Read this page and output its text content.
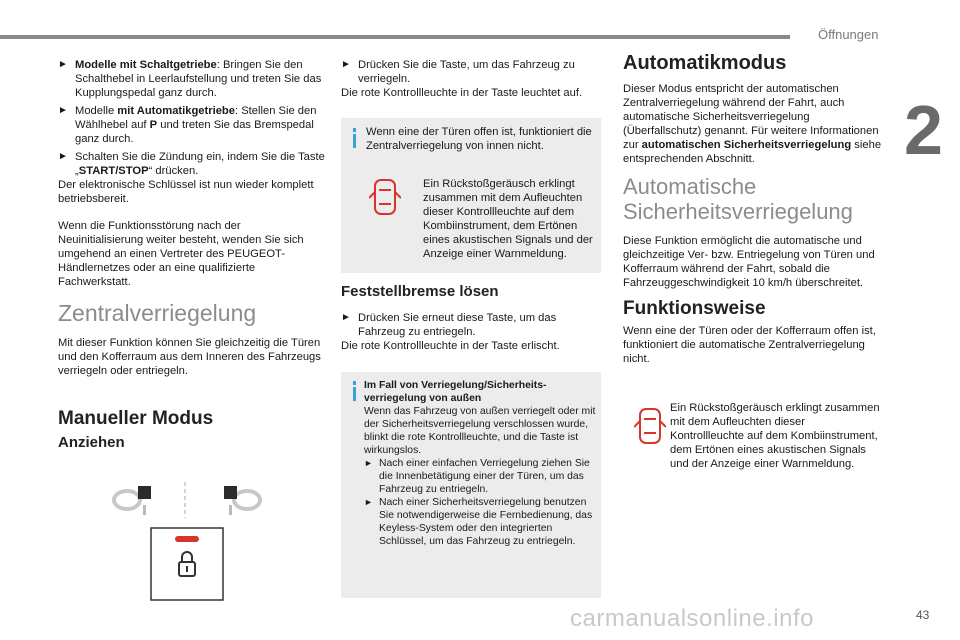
Öffnungen
2
► Modelle mit Schaltgetriebe: Bringen Sie den Schalthebel in Leerlaufstellung und treten Sie das Kupplungspedal ganz durch.
► Modelle mit Automatikgetriebe: Stellen Sie den Wählhebel auf P und treten Sie das Bremspedal ganz durch.
► Schalten Sie die Zündung ein, indem Sie die Taste „START/STOP“ drücken.

Der elektronische Schlüssel ist nun wieder komplett betriebsbereit.

Wenn die Funktionsstörung nach der Neuinitialisierung weiter besteht, wenden Sie sich umgehend an einen Vertreter des PEUGEOT-Händlernetzes oder an eine qualifizierte Fachwerkstatt.

Zentralverriegelung

Mit dieser Funktion können Sie gleichzeitig die Türen und den Kofferraum aus dem Inneren des Fahrzeugs verriegeln oder entriegeln.

Manueller Modus
Anziehen
► Drücken Sie die Taste, um das Fahrzeug zu verriegeln.

Die rote Kontrollleuchte in der Taste leuchtet auf.

Wenn eine der Türen offen ist, funktioniert die Zentralverriegelung von innen nicht.
Ein Rückstoßgeräusch erklingt zusammen mit dem Aufleuchten dieser Kontrollleuchte auf dem Kombiinstrument, dem Ertönen eines akustischen Signals und der Anzeige einer Warnmeldung.
Feststellbremse lösen
► Drücken Sie erneut diese Taste, um das Fahrzeug zu entriegeln.

Die rote Kontrollleuchte in der Taste erlischt.

Im Fall von Verriegelung/Sicherheitsverriegelung von außen
Wenn das Fahrzeug von außen verriegelt oder mit der Sicherheitsverriegelung verschlossen wurde, blinkt die rote Kontrollleuchte, und die Taste ist wirkungslos.
► Nach einer einfachen Verriegelung ziehen Sie die Innenbetätigung einer der Türen, um das Fahrzeug zu entriegeln.
► Nach einer Sicherheitsverriegelung benutzen Sie notwendigerweise die Fernbedienung, das Keyless-System oder den integrierten Schlüssel, um das Fahrzeug zu entriegeln.
Automatikmodus

Dieser Modus entspricht der automatischen Zentralverriegelung während der Fahrt, auch automatische Sicherheitsverriegelung (Überfallschutz) genannt. Für weitere Informationen zur automatischen Sicherheitsverriegelung siehe entsprechenden Abschnitt.

Automatische Sicherheitsverriegelung

Diese Funktion ermöglicht die automatische und gleichzeitige Ver- bzw. Entriegelung von Türen und Kofferraum während der Fahrt, sobald die Fahrzeuggeschwindigkeit 10 km/h überschreitet.

Funktionsweise

Wenn eine der Türen oder der Kofferraum offen ist, funktioniert die automatische Zentralverriegelung nicht.

Ein Rückstoßgeräusch erklingt zusammen mit dem Aufleuchten dieser Kontrollleuchte auf dem Kombiinstrument, dem Ertönen eines akustischen Signals und der Anzeige einer Warnmeldung.
carmanualsonline.info	43
